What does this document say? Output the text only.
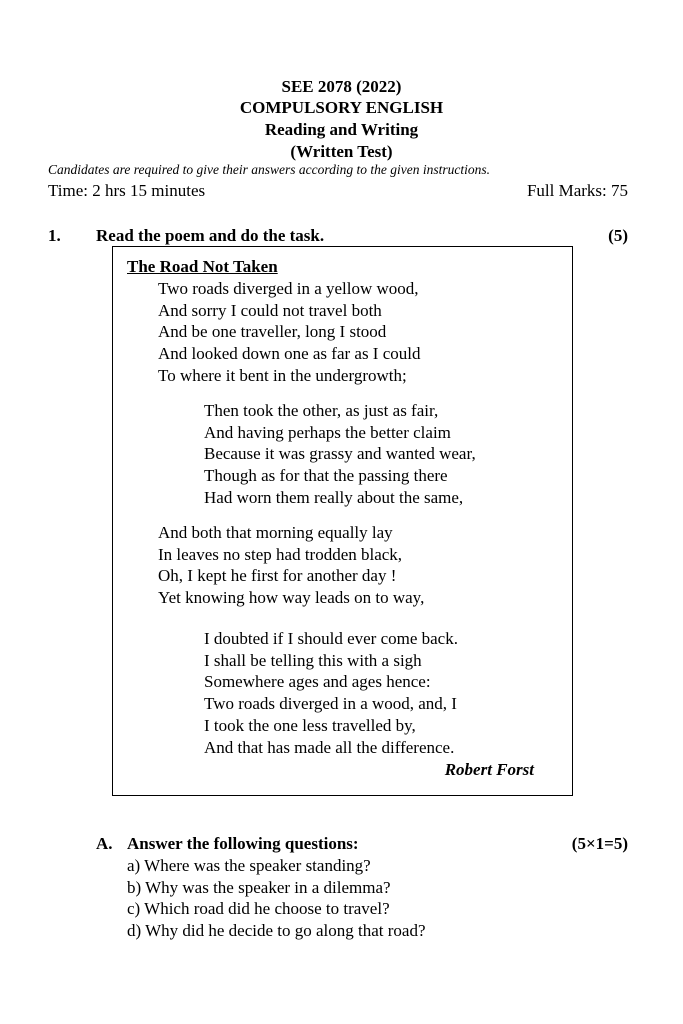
SEE 2078 (2022)
COMPULSORY ENGLISH
Reading and Writing
(Written Test)
Candidates are required to give their answers according to the given instructions.
Time: 2 hrs 15 minutes	Full Marks: 75
1. Read the poem and do the task.	(5)
The Road Not Taken
Two roads diverged in a yellow wood,
And sorry I could not travel both
And be one traveller, long I stood
And looked down one as far as I could
To where it bent in the undergrowth;
Then took the other, as just as fair,
And having perhaps the better claim
Because it was grassy and wanted wear,
Though as for that the passing there
Had worn them really about the same,
And both that morning equally lay
In leaves no step had trodden black,
Oh, I kept he first for another day !
Yet knowing how way leads on to way,
I doubted if I should ever come back.
I shall be telling this with a sigh
Somewhere ages and ages hence:
Two roads diverged in a wood, and, I
I took the one less travelled by,
And that has made all the difference.
Robert Forst
A. Answer the following questions:	(5×1=5)
a) Where was the speaker standing?
b) Why was the speaker in a dilemma?
c) Which road did he choose to travel?
d) Why did he decide to go along that road?
